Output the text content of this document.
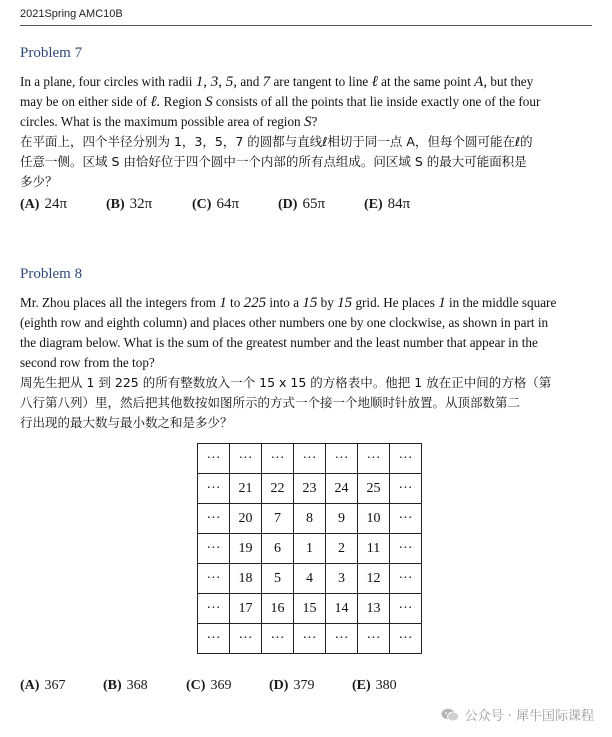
2021Spring AMC10B
Problem 7
In a plane, four circles with radii 1, 3, 5, and 7 are tangent to line ℓ at the same point A, but they
may be on either side of ℓ. Region S consists of all the points that lie inside exactly one of the four
circles. What is the maximum possible area of region S?
在平面上，四个半径分别为 1，3，5，7 的圆都与直线ℓ相切于同一点 A，但每个圆可能在ℓ的
任意一侧。区域 S 由恰好位于四个圆中一个内部的所有点组成。问区域 S 的最大可能面积是
多少？
(A) 24π	(B) 32π	(C) 64π	(D) 65π	(E) 84π
Problem 8
Mr. Zhou places all the integers from 1 to 225 into a 15 by 15 grid. He places 1 in the middle square
(eighth row and eighth column) and places other numbers one by one clockwise, as shown in part in
the diagram below. What is the sum of the greatest number and the least number that appear in the
second row from the top?
周先生把从 1 到 225 的所有整数放入一个 15 x 15 的方格表中。他把 1 放在正中间的方格（第
八行第八列）里，然后把其他数按如图所示的方式一个接一个地顺时针放置。从顶部数第二
行出现的最大数与最小数之和是多少？
···	···	···	···	···	···	···
···	21	22	23	24	25	···
···	20	7	8	9	10	···
···	19	6	1	2	11	···
···	18	5	4	3	12	···
···	17	16	15	14	13	···
···	···	···	···	···	···	···
(A) 367	(B) 368	(C) 369	(D) 379	(E) 380
公众号 · 犀牛国际课程
